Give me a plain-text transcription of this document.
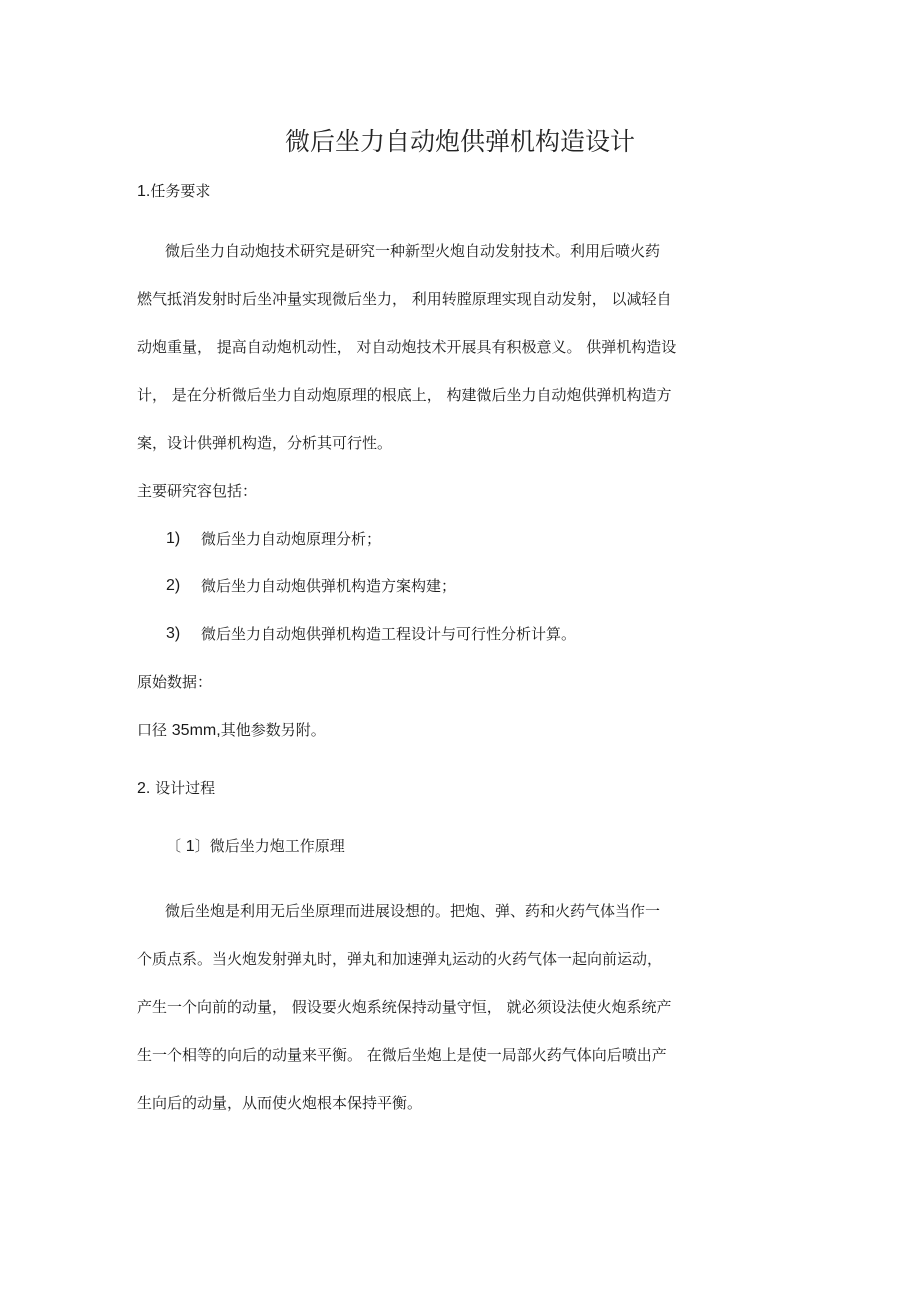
微后坐力自动炮供弹机构造设计
1.任务要求
微后坐力自动炮技术研究是研究一种新型火炮自动发射技术。利用后喷火药
燃气抵消发射时后坐冲量实现微后坐力， 利用转膛原理实现自动发射， 以减轻自
动炮重量， 提高自动炮机动性， 对自动炮技术开展具有积极意义。 供弹机构造设
计， 是在分析微后坐力自动炮原理的根底上， 构建微后坐力自动炮供弹机构造方
案，设计供弹机构造，分析其可行性。
主要研究容包括：
1) 微后坐力自动炮原理分析；
2) 微后坐力自动炮供弹机构造方案构建；
3) 微后坐力自动炮供弹机构造工程设计与可行性分析计算。
原始数据：
口径 35mm,其他参数另附。
2. 设计过程
〔 1〕微后坐力炮工作原理
微后坐炮是利用无后坐原理而进展设想的。把炮、弹、药和火药气体当作一
个质点系。当火炮发射弹丸时，弹丸和加速弹丸运动的火药气体一起向前运动，
产生一个向前的动量， 假设要火炮系统保持动量守恒， 就必须设法使火炮系统产
生一个相等的向后的动量来平衡。 在微后坐炮上是使一局部火药气体向后喷出产
生向后的动量，从而使火炮根本保持平衡。
